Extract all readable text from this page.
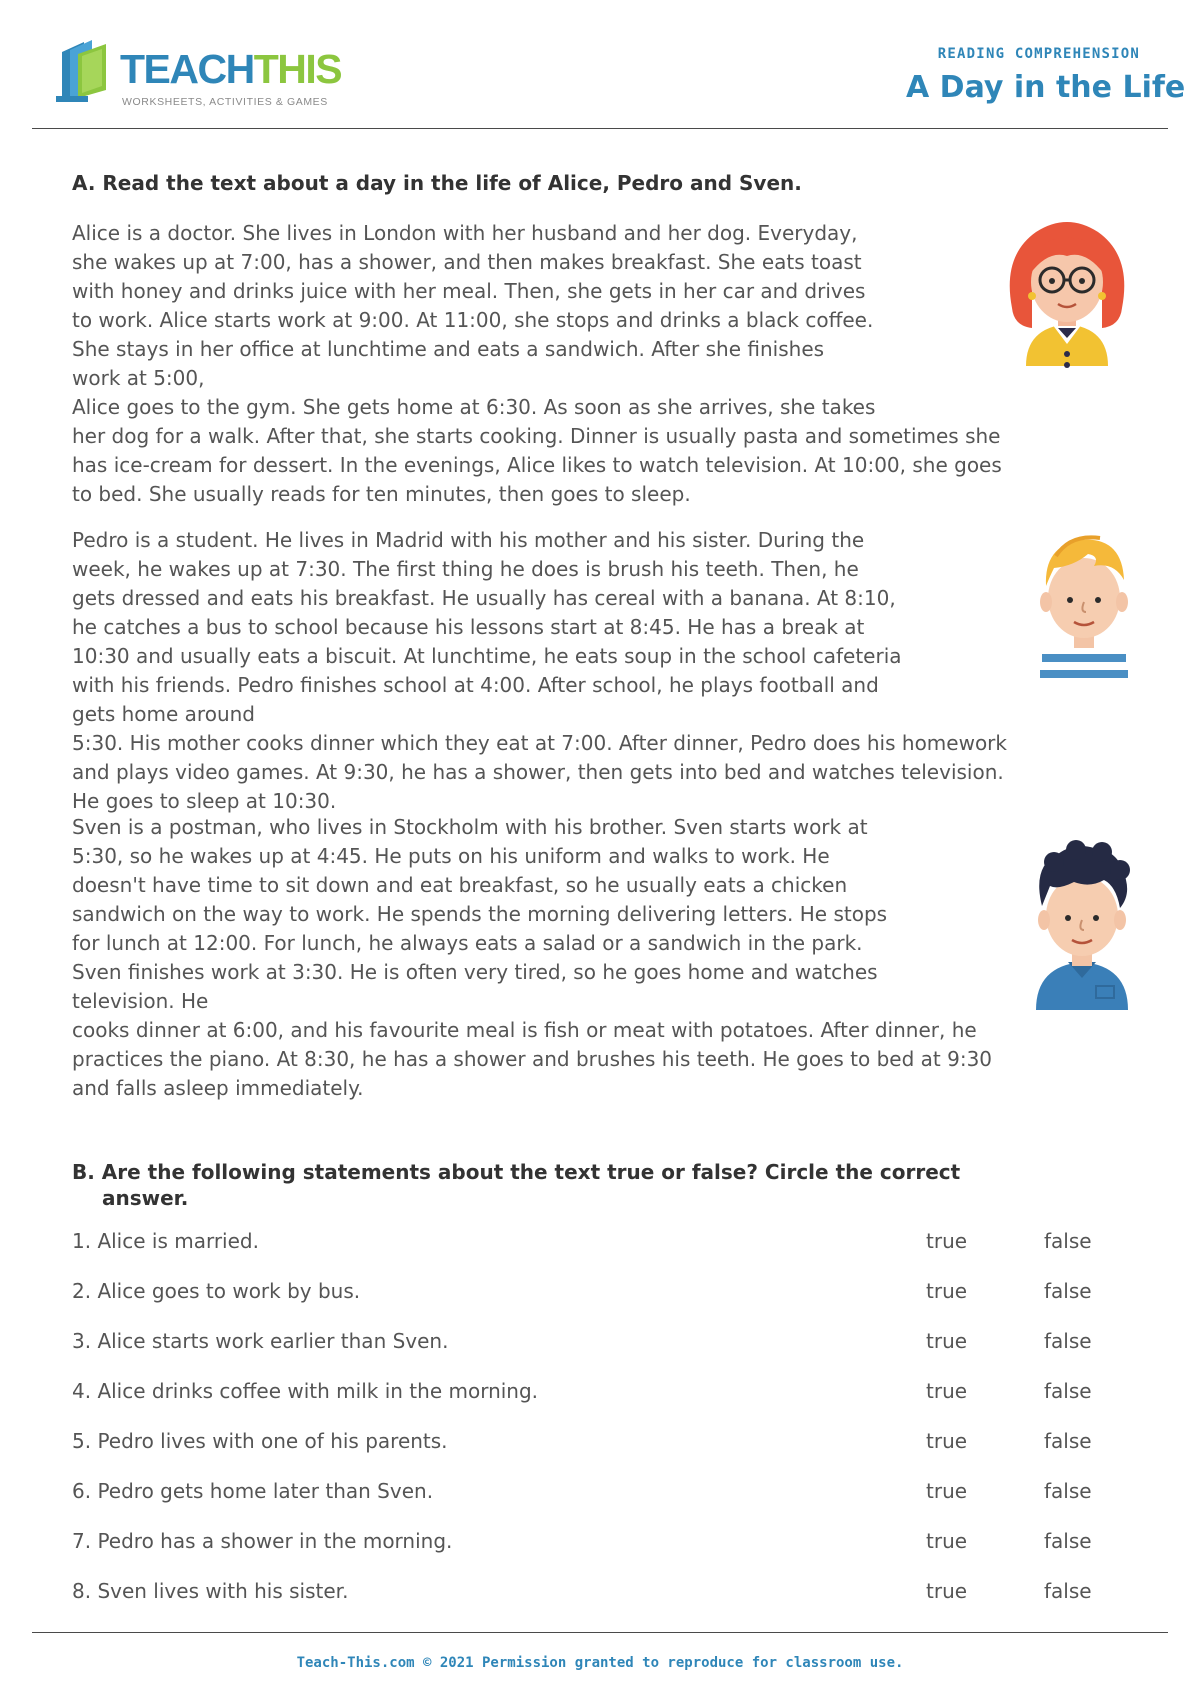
TEACHTHIS
WORKSHEETS, ACTIVITIES & GAMES
READING COMPREHENSION
A Day in the Life
A. Read the text about a day in the life of Alice, Pedro and Sven.
Alice is a doctor. She lives in London with her husband and her dog. Everyday,
she wakes up at 7:00, has a shower, and then makes breakfast. She eats toast
with honey and drinks juice with her meal. Then, she gets in her car and drives
to work. Alice starts work at 9:00. At 11:00, she stops and drinks a black coffee.
She stays in her office at lunchtime and eats a sandwich. After she finishes
work at 5:00,
Alice goes to the gym. She gets home at 6:30. As soon as she arrives, she takes
her dog for a walk. After that, she starts cooking. Dinner is usually pasta and sometimes she
has ice-cream for dessert. In the evenings, Alice likes to watch television. At 10:00, she goes
to bed. She usually reads for ten minutes, then goes to sleep.
Pedro is a student. He lives in Madrid with his mother and his sister. During the
week, he wakes up at 7:30. The first thing he does is brush his teeth. Then, he
gets dressed and eats his breakfast. He usually has cereal with a banana. At 8:10,
he catches a bus to school because his lessons start at 8:45. He has a break at
10:30 and usually eats a biscuit. At lunchtime, he eats soup in the school cafeteria
with his friends. Pedro finishes school at 4:00. After school, he plays football and
gets home around
5:30. His mother cooks dinner which they eat at 7:00. After dinner, Pedro does his homework
and plays video games. At 9:30, he has a shower, then gets into bed and watches television.
He goes to sleep at 10:30.
Sven is a postman, who lives in Stockholm with his brother. Sven starts work at
5:30, so he wakes up at 4:45. He puts on his uniform and walks to work. He
doesn't have time to sit down and eat breakfast, so he usually eats a chicken
sandwich on the way to work. He spends the morning delivering letters. He stops
for lunch at 12:00. For lunch, he always eats a salad or a sandwich in the park.
Sven finishes work at 3:30. He is often very tired, so he goes home and watches
television. He
cooks dinner at 6:00, and his favourite meal is fish or meat with potatoes. After dinner, he
practices the piano. At 8:30, he has a shower and brushes his teeth. He goes to bed at 9:30
and falls asleep immediately.
B. Are the following statements about the text true or false? Circle the correct
answer.
1. Alice is married.	true	false
2. Alice goes to work by bus.	true	false
3. Alice starts work earlier than Sven.	true	false
4. Alice drinks coffee with milk in the morning.	true	false
5. Pedro lives with one of his parents.	true	false
6. Pedro gets home later than Sven.	true	false
7. Pedro has a shower in the morning.	true	false
8. Sven lives with his sister.	true	false
Teach-This.com © 2021 Permission granted to reproduce for classroom use.
